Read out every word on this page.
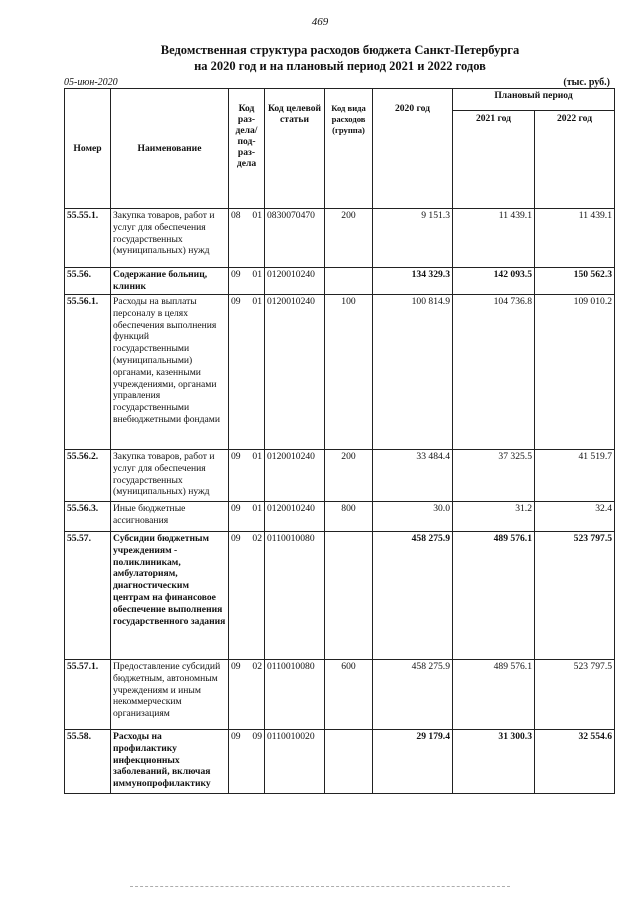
469
Ведомственная структура расходов бюджета Санкт-Петербурга
на 2020 год и на плановый период 2021 и 2022 годов
05-июн-2020	(тыс. руб.)
Номер	Наименование	Код раз- дела/ под- раз- дела	Код целевой статьи	Код вида расходов (группа)	2020 год	Плановый период	
						2021 год	2022 год
55.55.1.	Закупка товаров, работ и услуг для обеспечения государственных (муниципальных) нужд	08 01	0830070470	200	9 151.3	11 439.1	11 439.1
55.56.	Содержание больниц, клиник	09 01	0120010240		134 329.3	142 093.5	150 562.3
55.56.1.	Расходы на выплаты персоналу в целях обеспечения выполнения функций государственными (муниципальными) органами, казенными учреждениями, органами управления государственными внебюджетными фондами	09 01	0120010240	100	100 814.9	104 736.8	109 010.2
55.56.2.	Закупка товаров, работ и услуг для обеспечения государственных (муниципальных) нужд	09 01	0120010240	200	33 484.4	37 325.5	41 519.7
55.56.3.	Иные бюджетные ассигнования	09 01	0120010240	800	30.0	31.2	32.4
55.57.	Субсидии бюджетным учреждениям - поликлиникам, амбулаториям, диагностическим центрам на финансовое обеспечение выполнения государственного задания	09 02	0110010080		458 275.9	489 576.1	523 797.5
55.57.1.	Предоставление субсидий бюджетным, автономным учреждениям и иным некоммерческим организациям	09 02	0110010080	600	458 275.9	489 576.1	523 797.5
55.58.	Расходы на профилактику инфекционных заболеваний, включая иммунопрофилактику	09 09	0110010020		29 179.4	31 300.3	32 554.6
